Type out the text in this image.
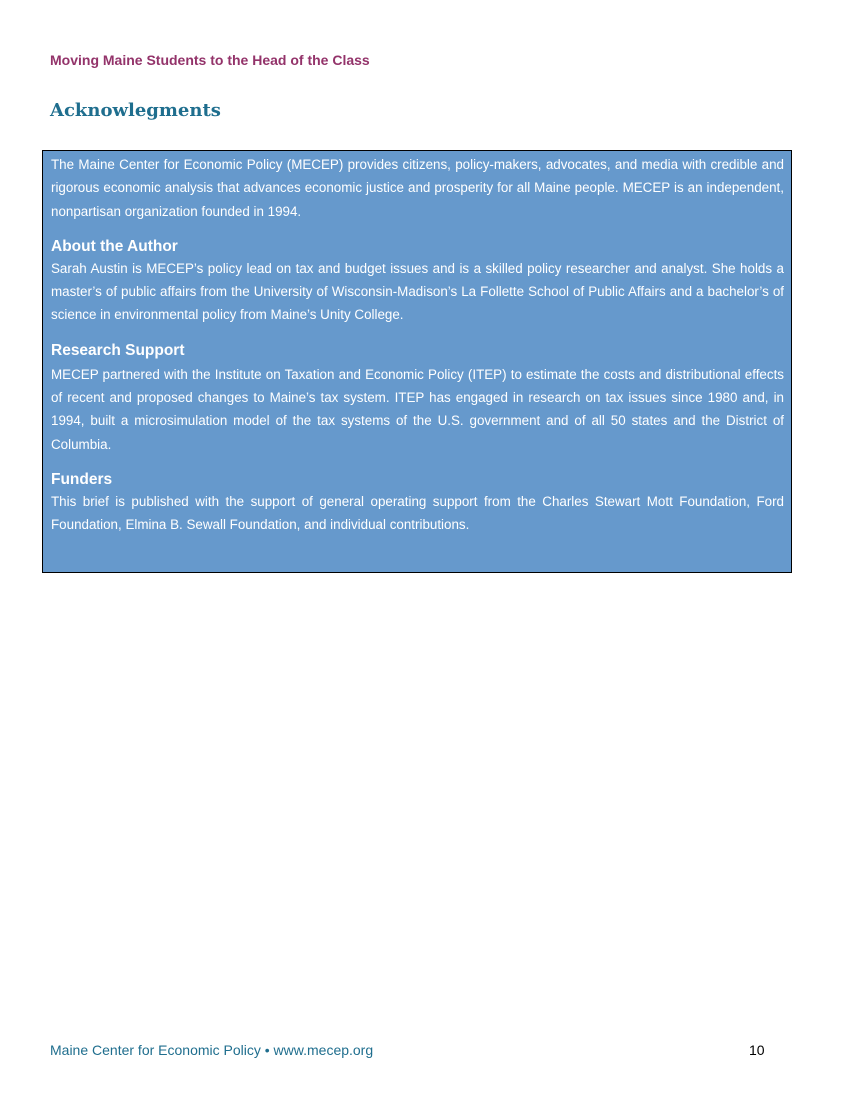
Moving Maine Students to the Head of the Class

Acknowlegments

The Maine Center for Economic Policy (MECEP) provides citizens, policy-makers, advocates, and media with credible and rigorous economic analysis that advances economic justice and prosperity for all Maine people. MECEP is an independent, nonpartisan organization founded in 1994.

About the Author

Sarah Austin is MECEP’s policy lead on tax and budget issues and is a skilled policy researcher and analyst. She holds a master’s of public affairs from the University of Wisconsin-Madison’s La Follette School of Public Affairs and a bachelor’s of science in environmental policy from Maine’s Unity College.

Research Support

MECEP partnered with the Institute on Taxation and Economic Policy (ITEP) to estimate the costs and distributional effects of recent and proposed changes to Maine’s tax system. ITEP has engaged in research on tax issues since 1980 and, in 1994, built a microsimulation model of the tax systems of the U.S. government and of all 50 states and the District of Columbia.

Funders

This brief is published with the support of general operating support from the Charles Stewart Mott Foundation, Ford Foundation, Elmina B. Sewall Foundation, and individual contributions.

Maine Center for Economic Policy • www.mecep.org	10
